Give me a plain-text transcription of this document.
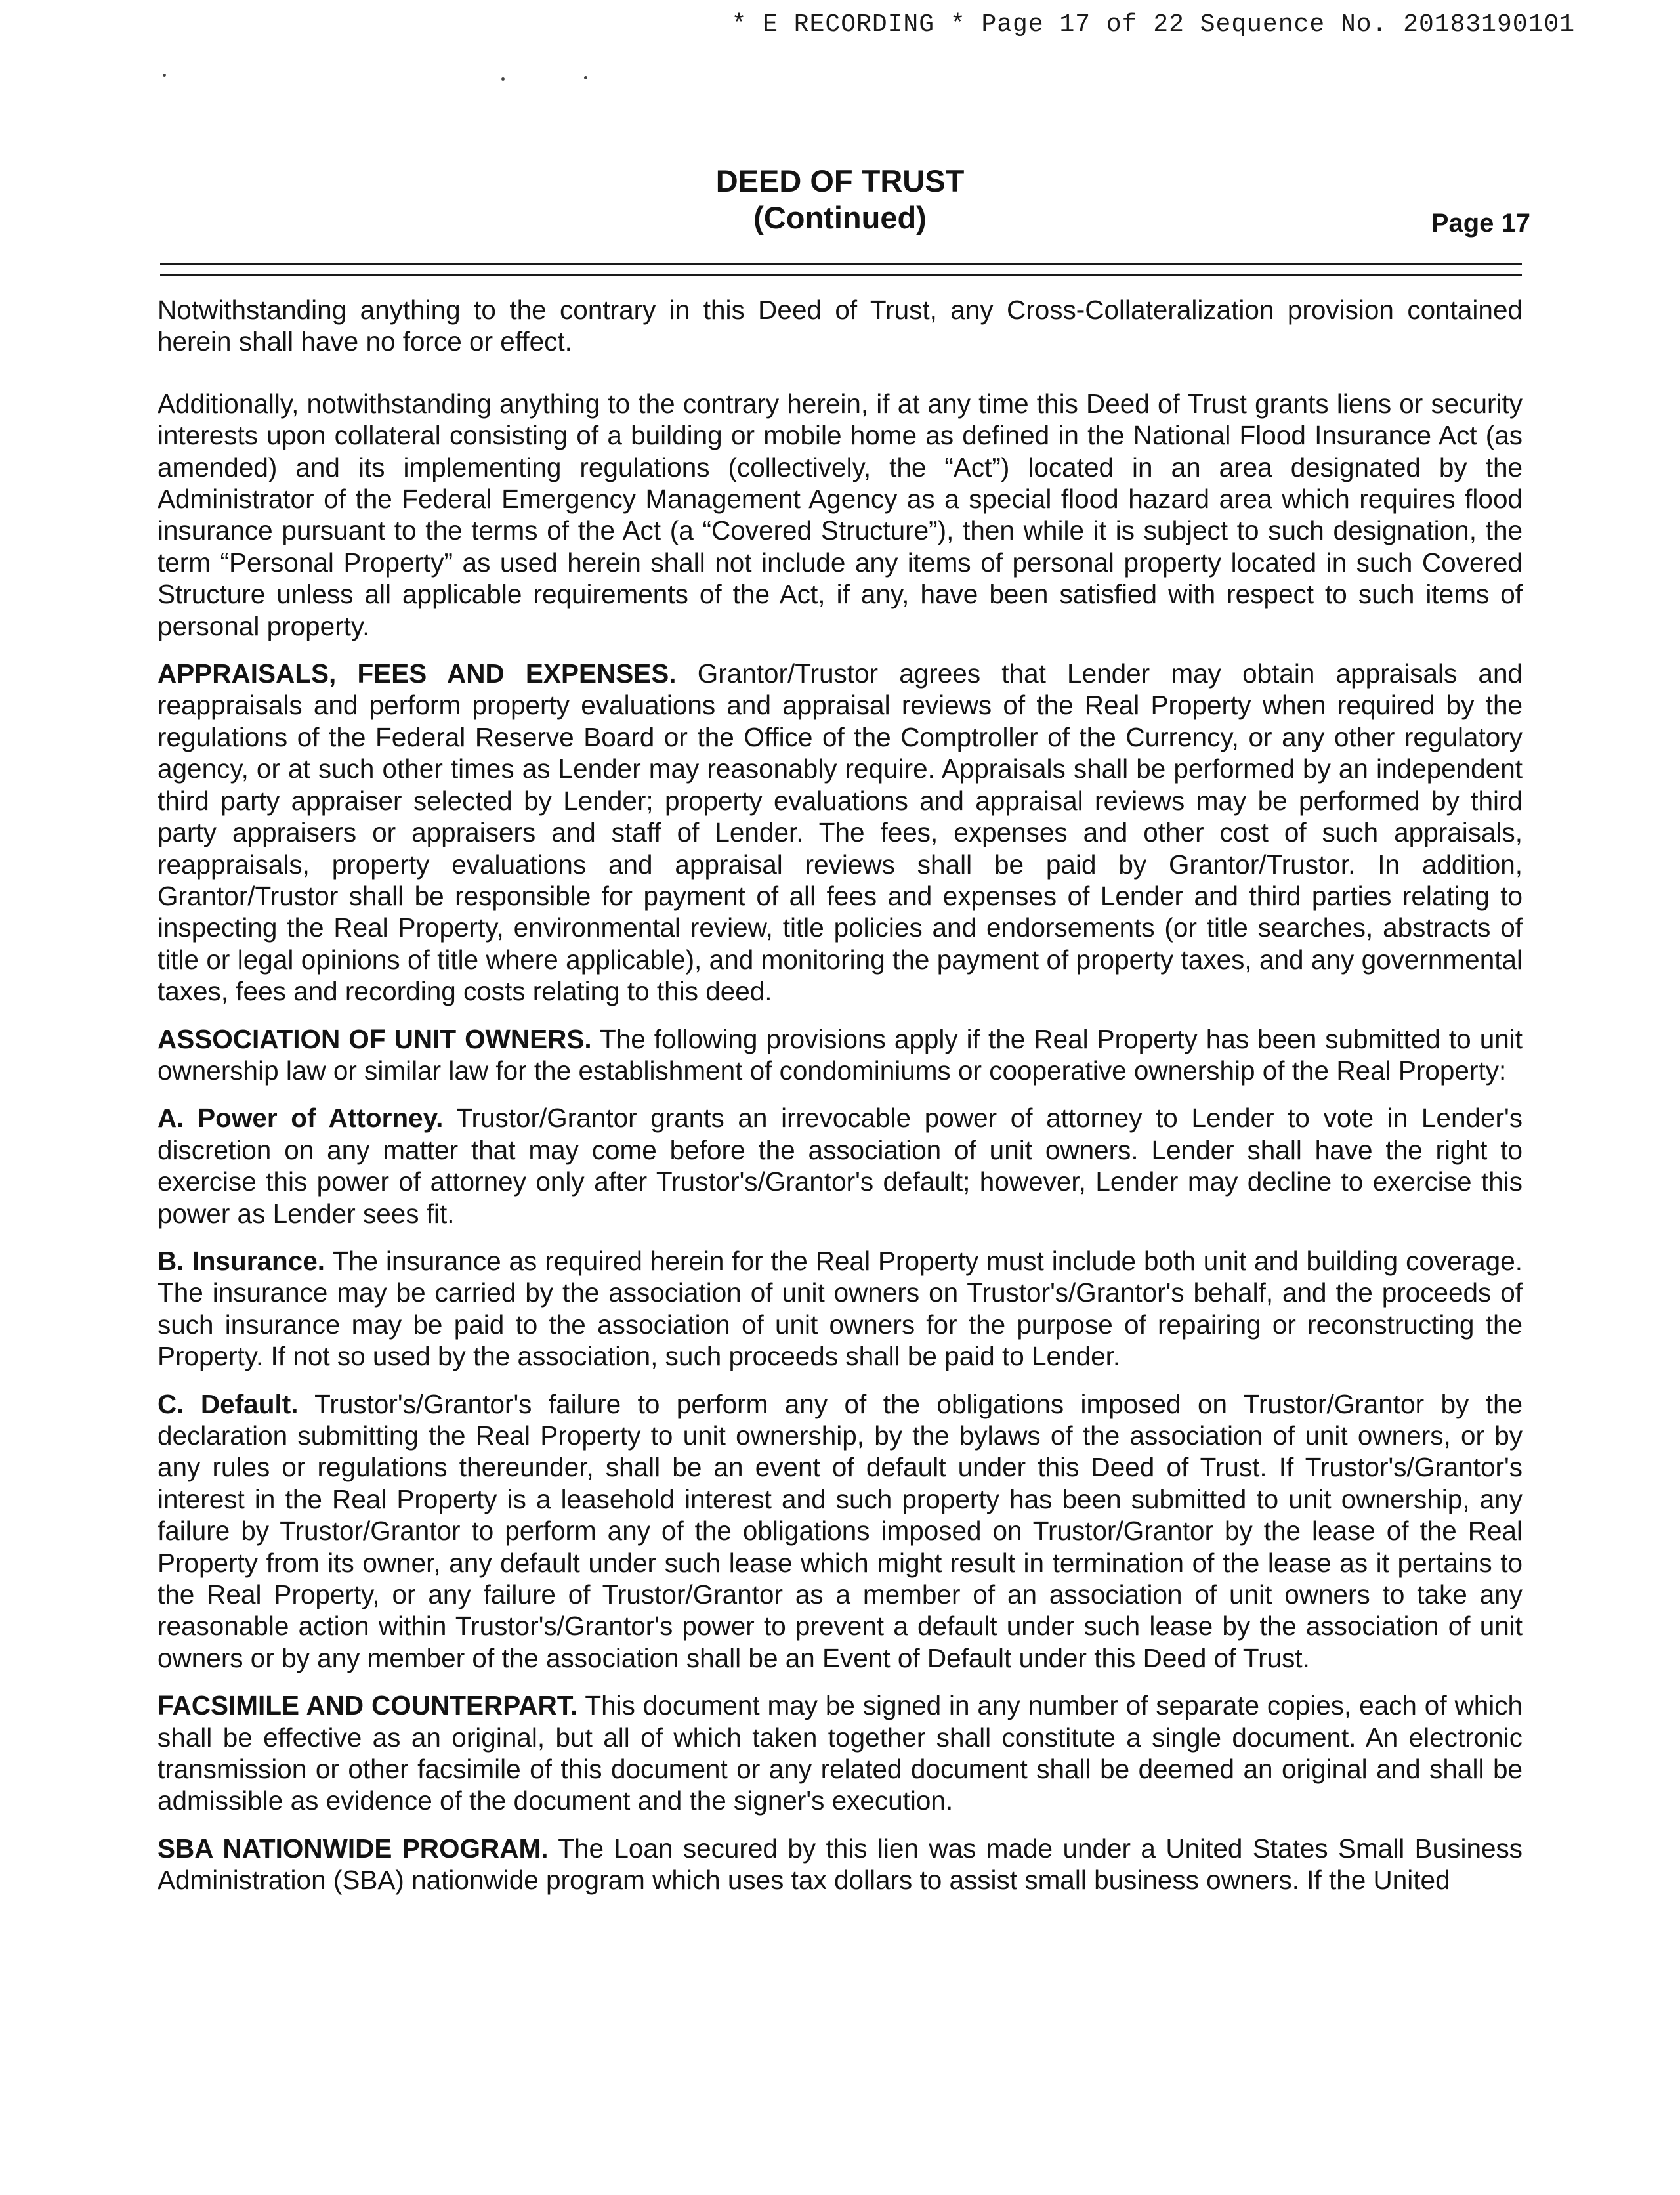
* E RECORDING * Page 17 of 22 Sequence No. 20183190101
DEED OF TRUST
(Continued)	Page 17

Notwithstanding anything to the contrary in this Deed of Trust, any Cross-Collateralization provision contained herein shall have no force or effect.

Additionally, notwithstanding anything to the contrary herein, if at any time this Deed of Trust grants liens or security interests upon collateral consisting of a building or mobile home as defined in the National Flood Insurance Act (as amended) and its implementing regulations (collectively, the “Act”) located in an area designated by the Administrator of the Federal Emergency Management Agency as a special flood hazard area which requires flood insurance pursuant to the terms of the Act (a “Covered Structure”), then while it is subject to such designation, the term “Personal Property” as used herein shall not include any items of personal property located in such Covered Structure unless all applicable requirements of the Act, if any, have been satisfied with respect to such items of personal property.

APPRAISALS, FEES AND EXPENSES. Grantor/Trustor agrees that Lender may obtain appraisals and reappraisals and perform property evaluations and appraisal reviews of the Real Property when required by the regulations of the Federal Reserve Board or the Office of the Comptroller of the Currency, or any other regulatory agency, or at such other times as Lender may reasonably require. Appraisals shall be performed by an independent third party appraiser selected by Lender; property evaluations and appraisal reviews may be performed by third party appraisers or appraisers and staff of Lender. The fees, expenses and other cost of such appraisals, reappraisals, property evaluations and appraisal reviews shall be paid by Grantor/Trustor. In addition, Grantor/Trustor shall be responsible for payment of all fees and expenses of Lender and third parties relating to inspecting the Real Property, environmental review, title policies and endorsements (or title searches, abstracts of title or legal opinions of title where applicable), and monitoring the payment of property taxes, and any governmental taxes, fees and recording costs relating to this deed.

ASSOCIATION OF UNIT OWNERS. The following provisions apply if the Real Property has been submitted to unit ownership law or similar law for the establishment of condominiums or cooperative ownership of the Real Property:

A. Power of Attorney. Trustor/Grantor grants an irrevocable power of attorney to Lender to vote in Lender's discretion on any matter that may come before the association of unit owners. Lender shall have the right to exercise this power of attorney only after Trustor's/Grantor's default; however, Lender may decline to exercise this power as Lender sees fit.

B. Insurance. The insurance as required herein for the Real Property must include both unit and building coverage. The insurance may be carried by the association of unit owners on Trustor's/Grantor's behalf, and the proceeds of such insurance may be paid to the association of unit owners for the purpose of repairing or reconstructing the Property. If not so used by the association, such proceeds shall be paid to Lender.

C. Default. Trustor's/Grantor's failure to perform any of the obligations imposed on Trustor/Grantor by the declaration submitting the Real Property to unit ownership, by the bylaws of the association of unit owners, or by any rules or regulations thereunder, shall be an event of default under this Deed of Trust. If Trustor's/Grantor's interest in the Real Property is a leasehold interest and such property has been submitted to unit ownership, any failure by Trustor/Grantor to perform any of the obligations imposed on Trustor/Grantor by the lease of the Real Property from its owner, any default under such lease which might result in termination of the lease as it pertains to the Real Property, or any failure of Trustor/Grantor as a member of an association of unit owners to take any reasonable action within Trustor's/Grantor's power to prevent a default under such lease by the association of unit owners or by any member of the association shall be an Event of Default under this Deed of Trust.

FACSIMILE AND COUNTERPART. This document may be signed in any number of separate copies, each of which shall be effective as an original, but all of which taken together shall constitute a single document. An electronic transmission or other facsimile of this document or any related document shall be deemed an original and shall be admissible as evidence of the document and the signer's execution.

SBA NATIONWIDE PROGRAM. The Loan secured by this lien was made under a United States Small Business Administration (SBA) nationwide program which uses tax dollars to assist small business owners. If the United
